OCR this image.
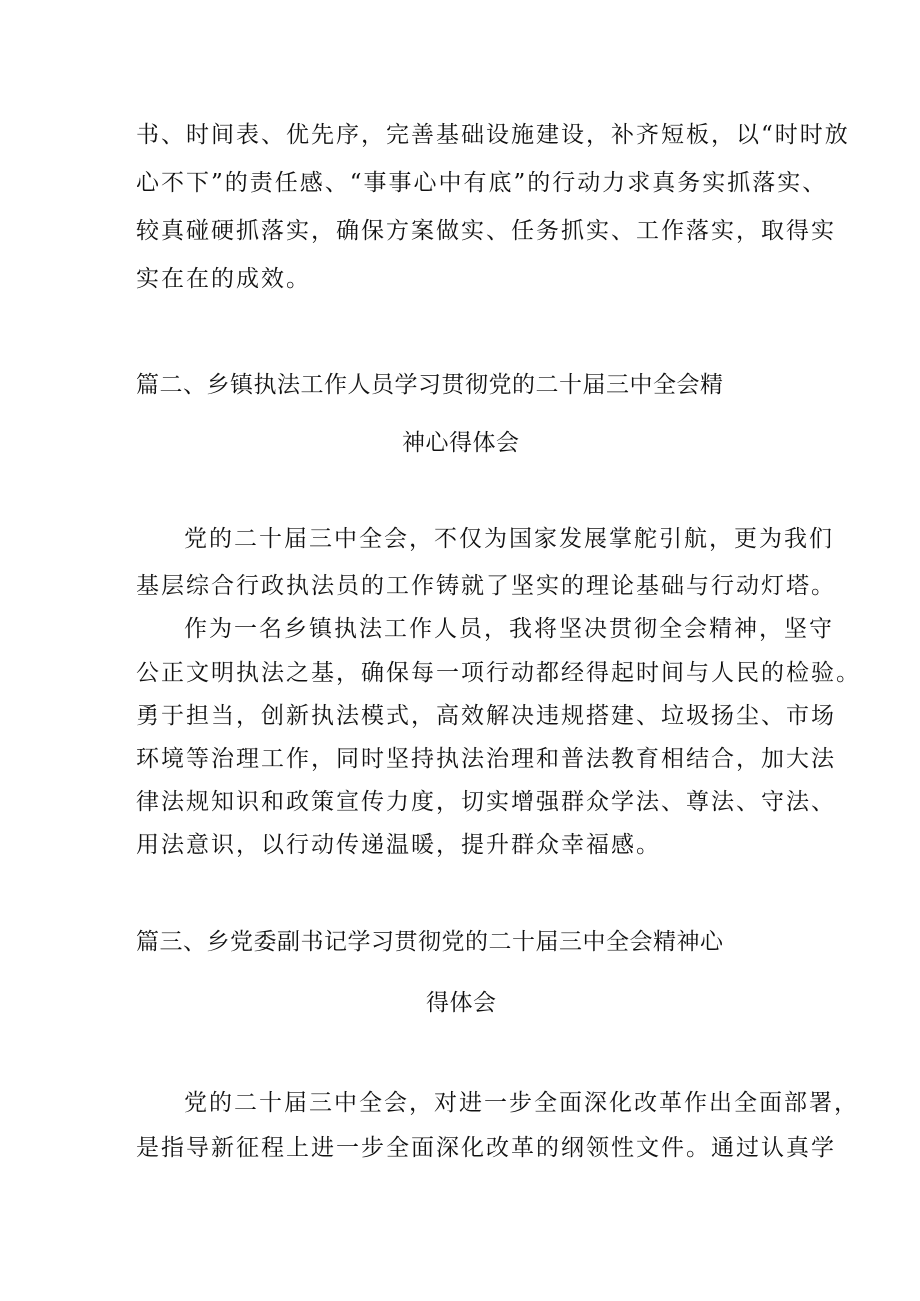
书、时间表、优先序，完善基础设施建设，补齐短板，以“时时放
心不下”的责任感、“事事心中有底”的行动力求真务实抓落实、
较真碰硬抓落实，确保方案做实、任务抓实、工作落实，取得实
实在在的成效。
篇二、乡镇执法工作人员学习贯彻党的二十届三中全会精
神心得体会
党的二十届三中全会，不仅为国家发展掌舵引航，更为我们
基层综合行政执法员的工作铸就了坚实的理论基础与行动灯塔。
作为一名乡镇执法工作人员，我将坚决贯彻全会精神，坚守
公正文明执法之基，确保每一项行动都经得起时间与人民的检验。
勇于担当，创新执法模式，高效解决违规搭建、垃圾扬尘、市场
环境等治理工作，同时坚持执法治理和普法教育相结合，加大法
律法规知识和政策宣传力度，切实增强群众学法、尊法、守法、
用法意识，以行动传递温暖，提升群众幸福感。
篇三、乡党委副书记学习贯彻党的二十届三中全会精神心
得体会
党的二十届三中全会，对进一步全面深化改革作出全面部署，
是指导新征程上进一步全面深化改革的纲领性文件。通过认真学
